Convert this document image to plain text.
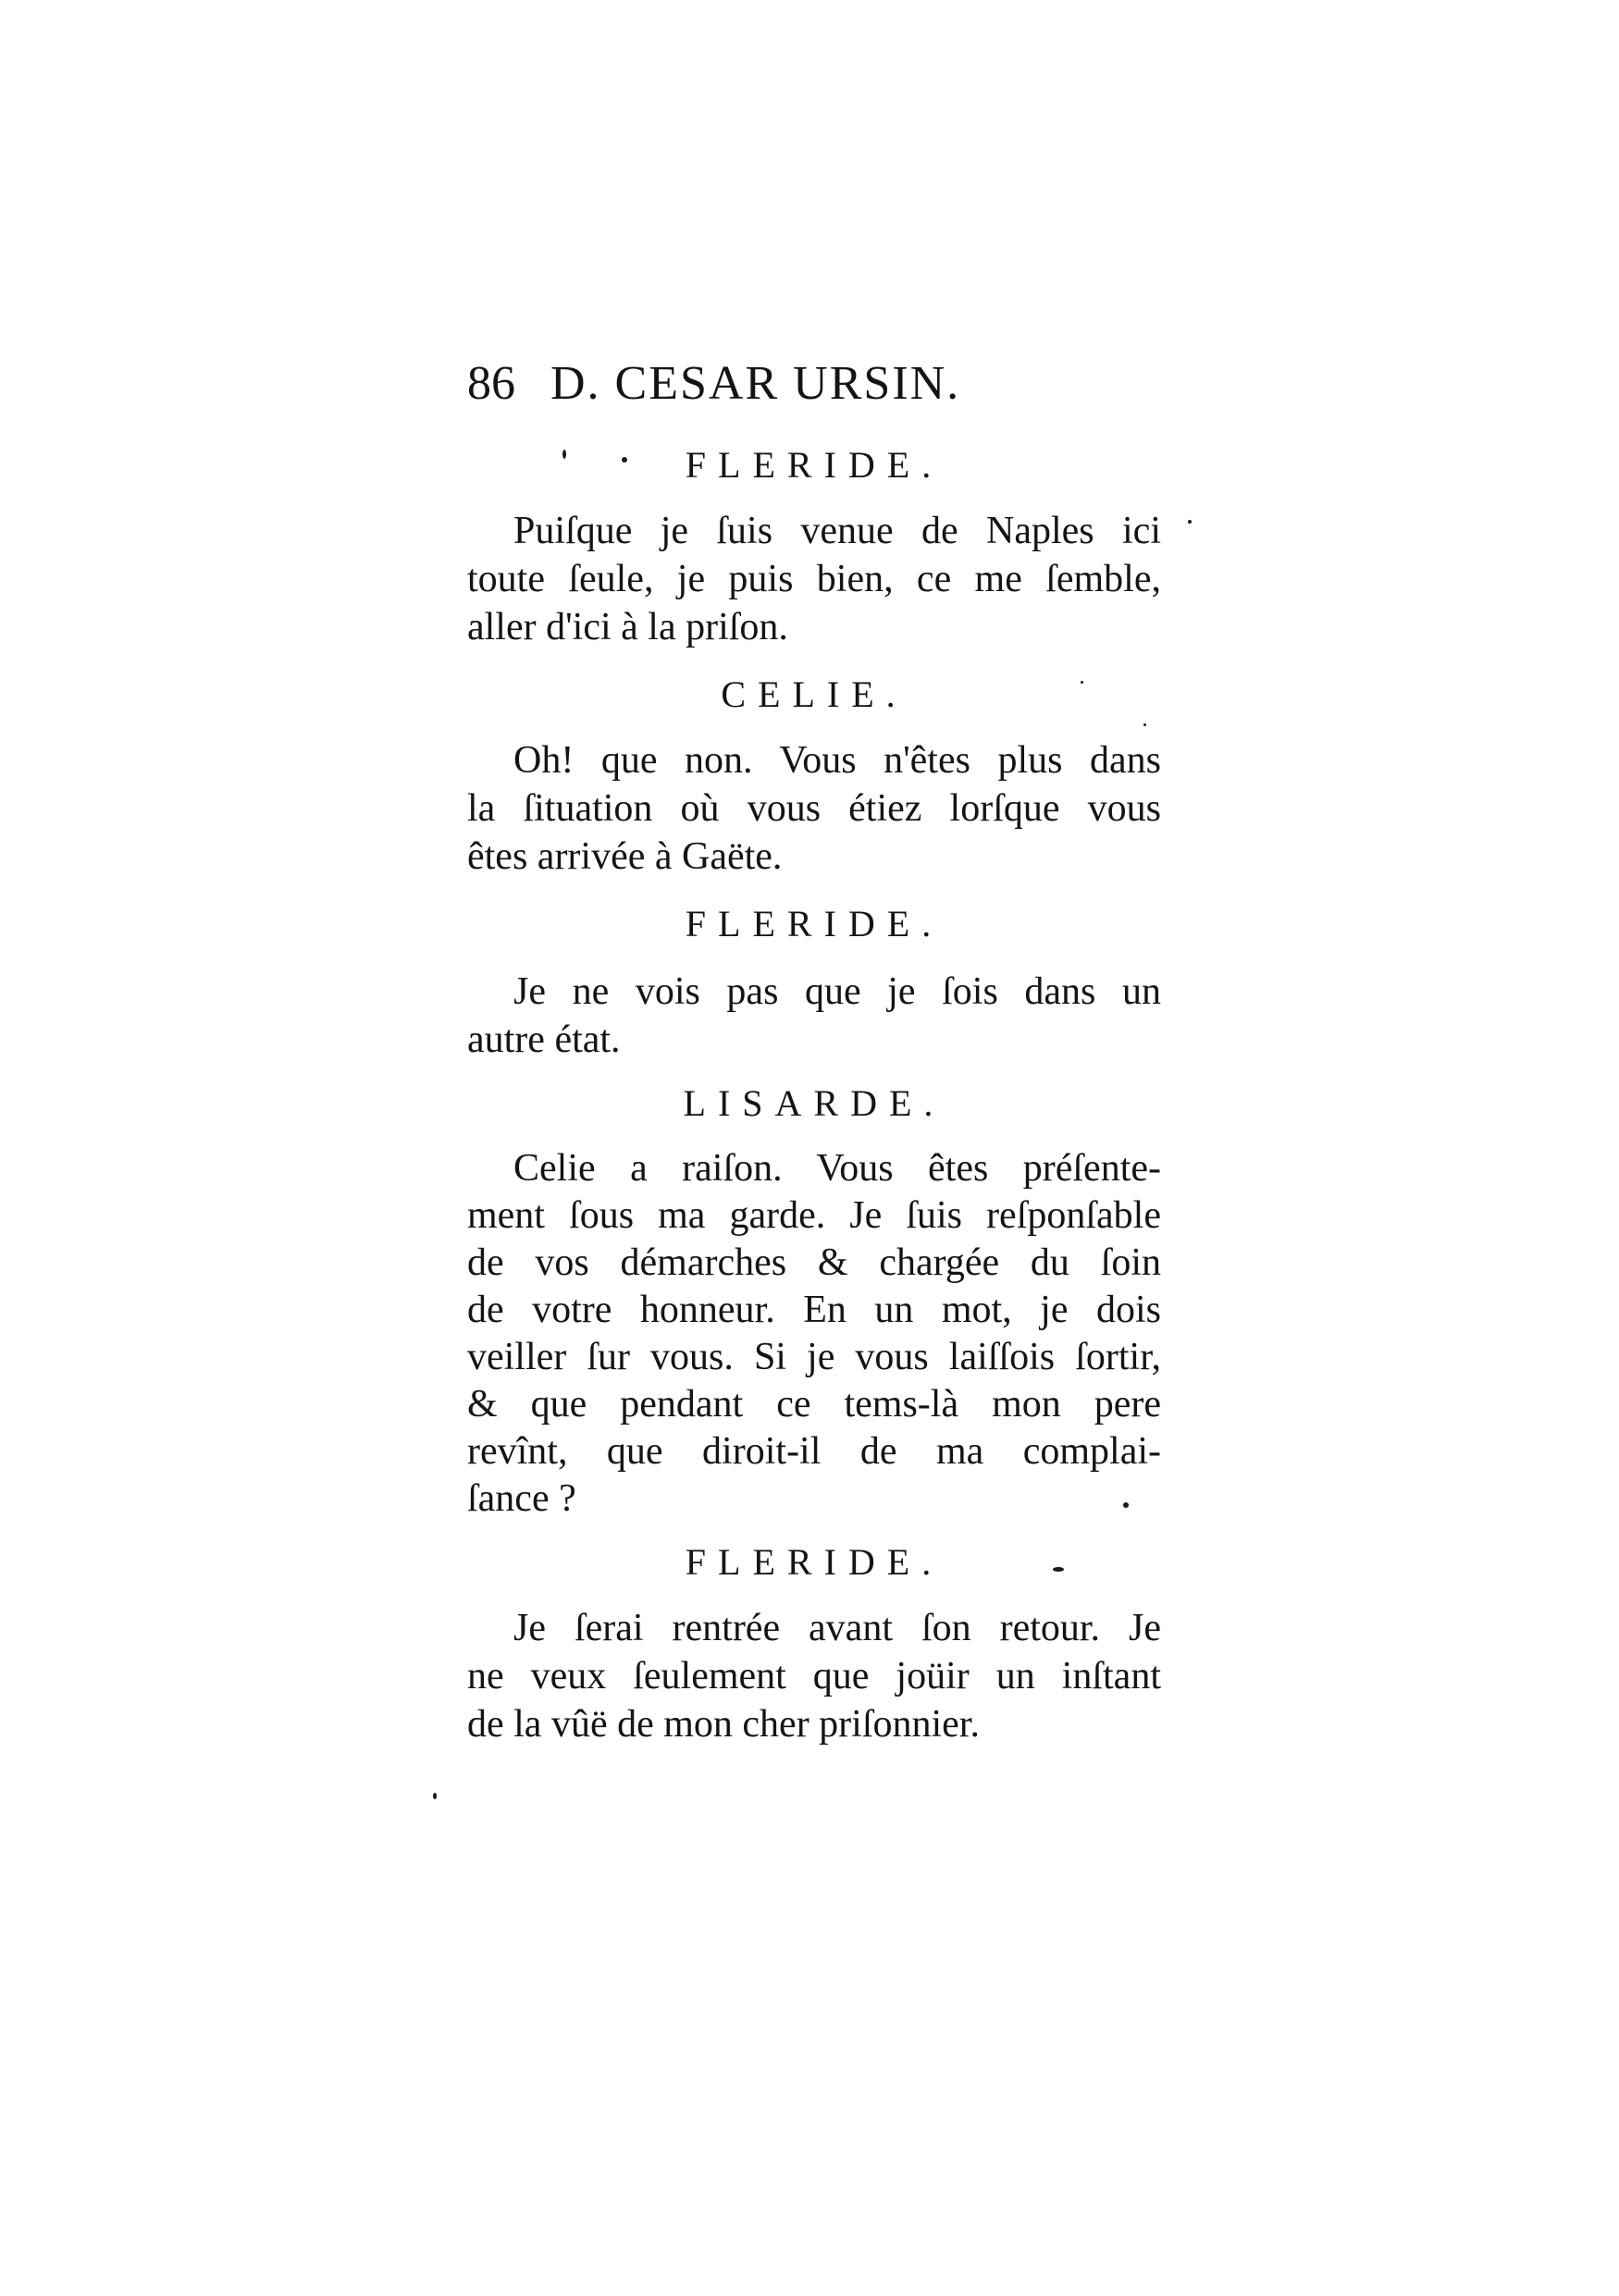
86 D. CESAR URSIN.
FLERIDE.
Puiſque je ſuis venue de Naples ici
toute ſeule, je puis bien, ce me ſemble,
aller d'ici à la priſon.
CELIE.
Oh! que non. Vous n'êtes plus dans
la ſituation où vous étiez lorſque vous
êtes arrivée à Gaëte.
FLERIDE.
Je ne vois pas que je ſois dans un
autre état.
LISARDE.
Celie a raiſon. Vous êtes préſente-
ment ſous ma garde. Je ſuis reſponſable
de vos démarches & chargée du ſoin
de votre honneur. En un mot, je dois
veiller ſur vous. Si je vous laiſſois ſortir,
& que pendant ce tems-là mon pere
revînt, que diroit-il de ma complai-
ſance ?
FLERIDE.
Je ſerai rentrée avant ſon retour. Je
ne veux ſeulement que joüir un inſtant
de la vûë de mon cher priſonnier.
